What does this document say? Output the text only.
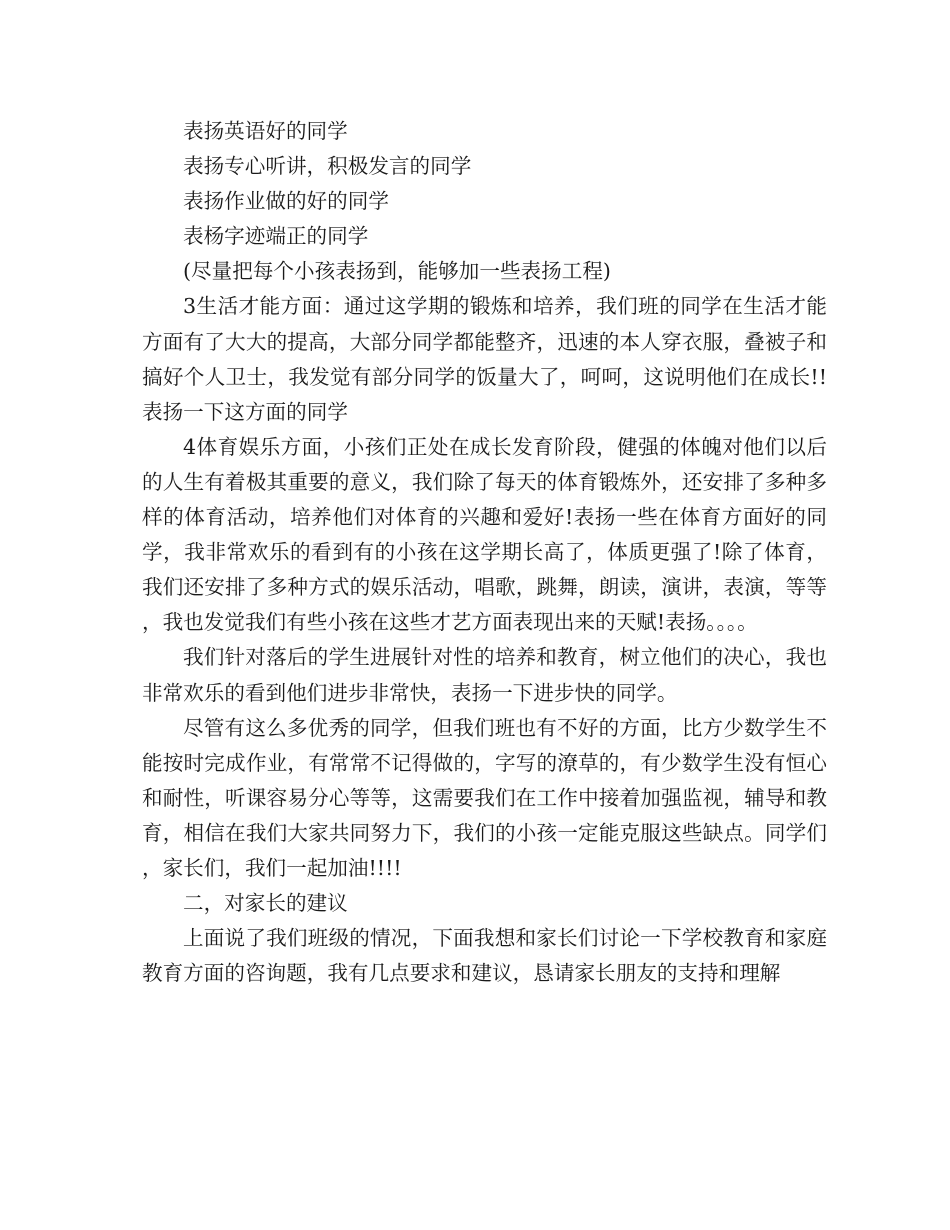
表扬英语好的同学

表扬专心听讲，积极发言的同学

表扬作业做的好的同学

表杨字迹端正的同学

(尽量把每个小孩表扬到，能够加一些表扬工程)

3生活才能方面：通过这学期的锻炼和培养，我们班的同学在生活才能方面有了大大的提高，大部分同学都能整齐，迅速的本人穿衣服，叠被子和搞好个人卫士，我发觉有部分同学的饭量大了，呵呵，这说明他们在成长!!表扬一下这方面的同学

4体育娱乐方面，小孩们正处在成长发育阶段，健强的体魄对他们以后的人生有着极其重要的意义，我们除了每天的体育锻炼外，还安排了多种多样的体育活动，培养他们对体育的兴趣和爱好!表扬一些在体育方面好的同学，我非常欢乐的看到有的小孩在这学期长高了，体质更强了!除了体育，我们还安排了多种方式的娱乐活动，唱歌，跳舞，朗读，演讲，表演，等等，我也发觉我们有些小孩在这些才艺方面表现出来的天赋!表扬。。。。

我们针对落后的学生进展针对性的培养和教育，树立他们的决心，我也非常欢乐的看到他们进步非常快，表扬一下进步快的同学。

尽管有这么多优秀的同学，但我们班也有不好的方面，比方少数学生不能按时完成作业，有常常不记得做的，字写的潦草的，有少数学生没有恒心和耐性，听课容易分心等等，这需要我们在工作中接着加强监视，辅导和教育，相信在我们大家共同努力下，我们的小孩一定能克服这些缺点。同学们，家长们，我们一起加油!!!!

二，对家长的建议

上面说了我们班级的情况，下面我想和家长们讨论一下学校教育和家庭教育方面的咨询题，我有几点要求和建议，恳请家长朋友的支持和理解
